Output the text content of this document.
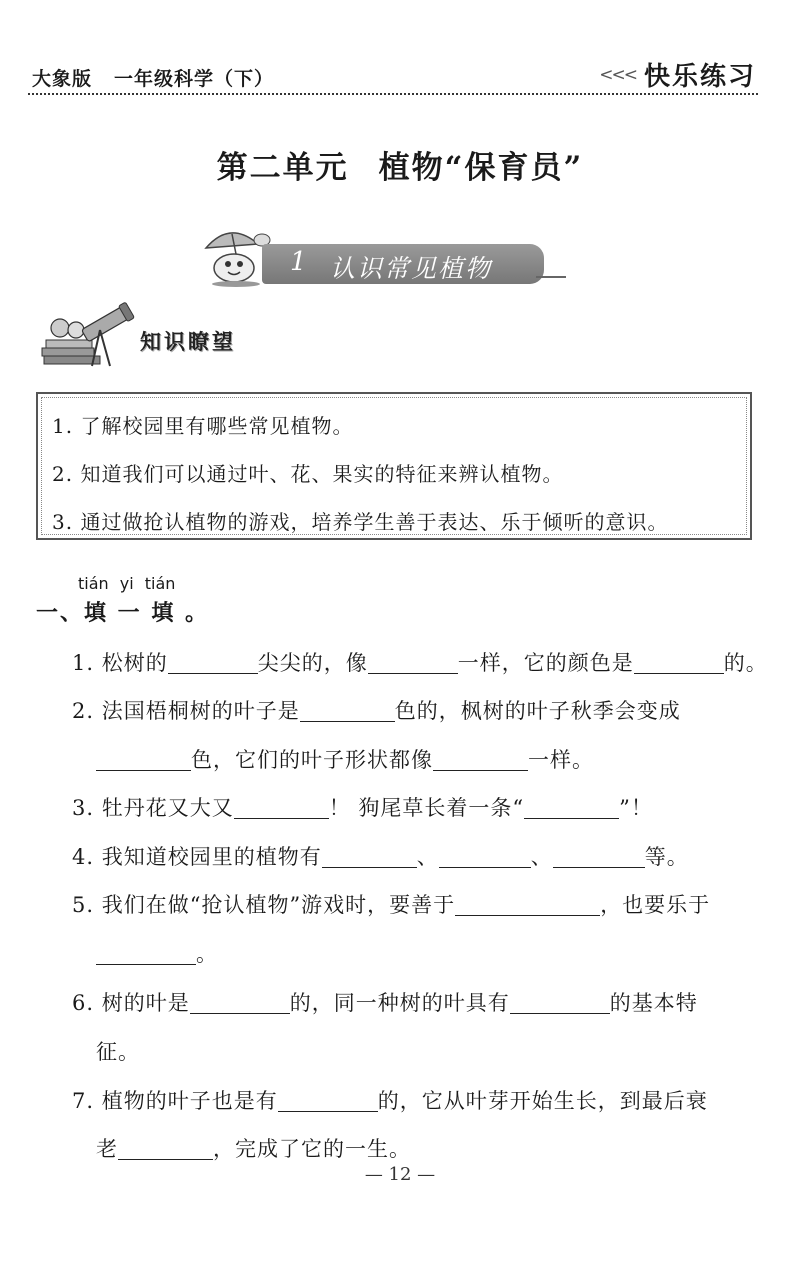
大象版 一年级科学（下）	<<< 快乐练习
第二单元 植物“保育员”
1 认识常见植物
知识瞭望
1. 了解校园里有哪些常见植物。
2. 知道我们可以通过叶、花、果实的特征来辨认植物。
3. 通过做抢认植物的游戏，培养学生善于表达、乐于倾听的意识。
tián yi tián
一、填 一 填 。
1. 松树的	尖尖的，像	一样，它的颜色是	的。
2. 法国梧桐树的叶子是	色的，枫树的叶子秋季会变成
色，它们的叶子形状都像	一样。
3. 牡丹花又大又	！ 狗尾草长着一条“	”！
4. 我知道校园里的植物有	、	、	等。
5. 我们在做“抢认植物”游戏时，要善于	，也要乐于
。
6. 树的叶是	的，同一种树的叶具有	的基本特
征。
7. 植物的叶子也是有	的，它从叶芽开始生长，到最后衰
老	，完成了它的一生。
— 12 —
